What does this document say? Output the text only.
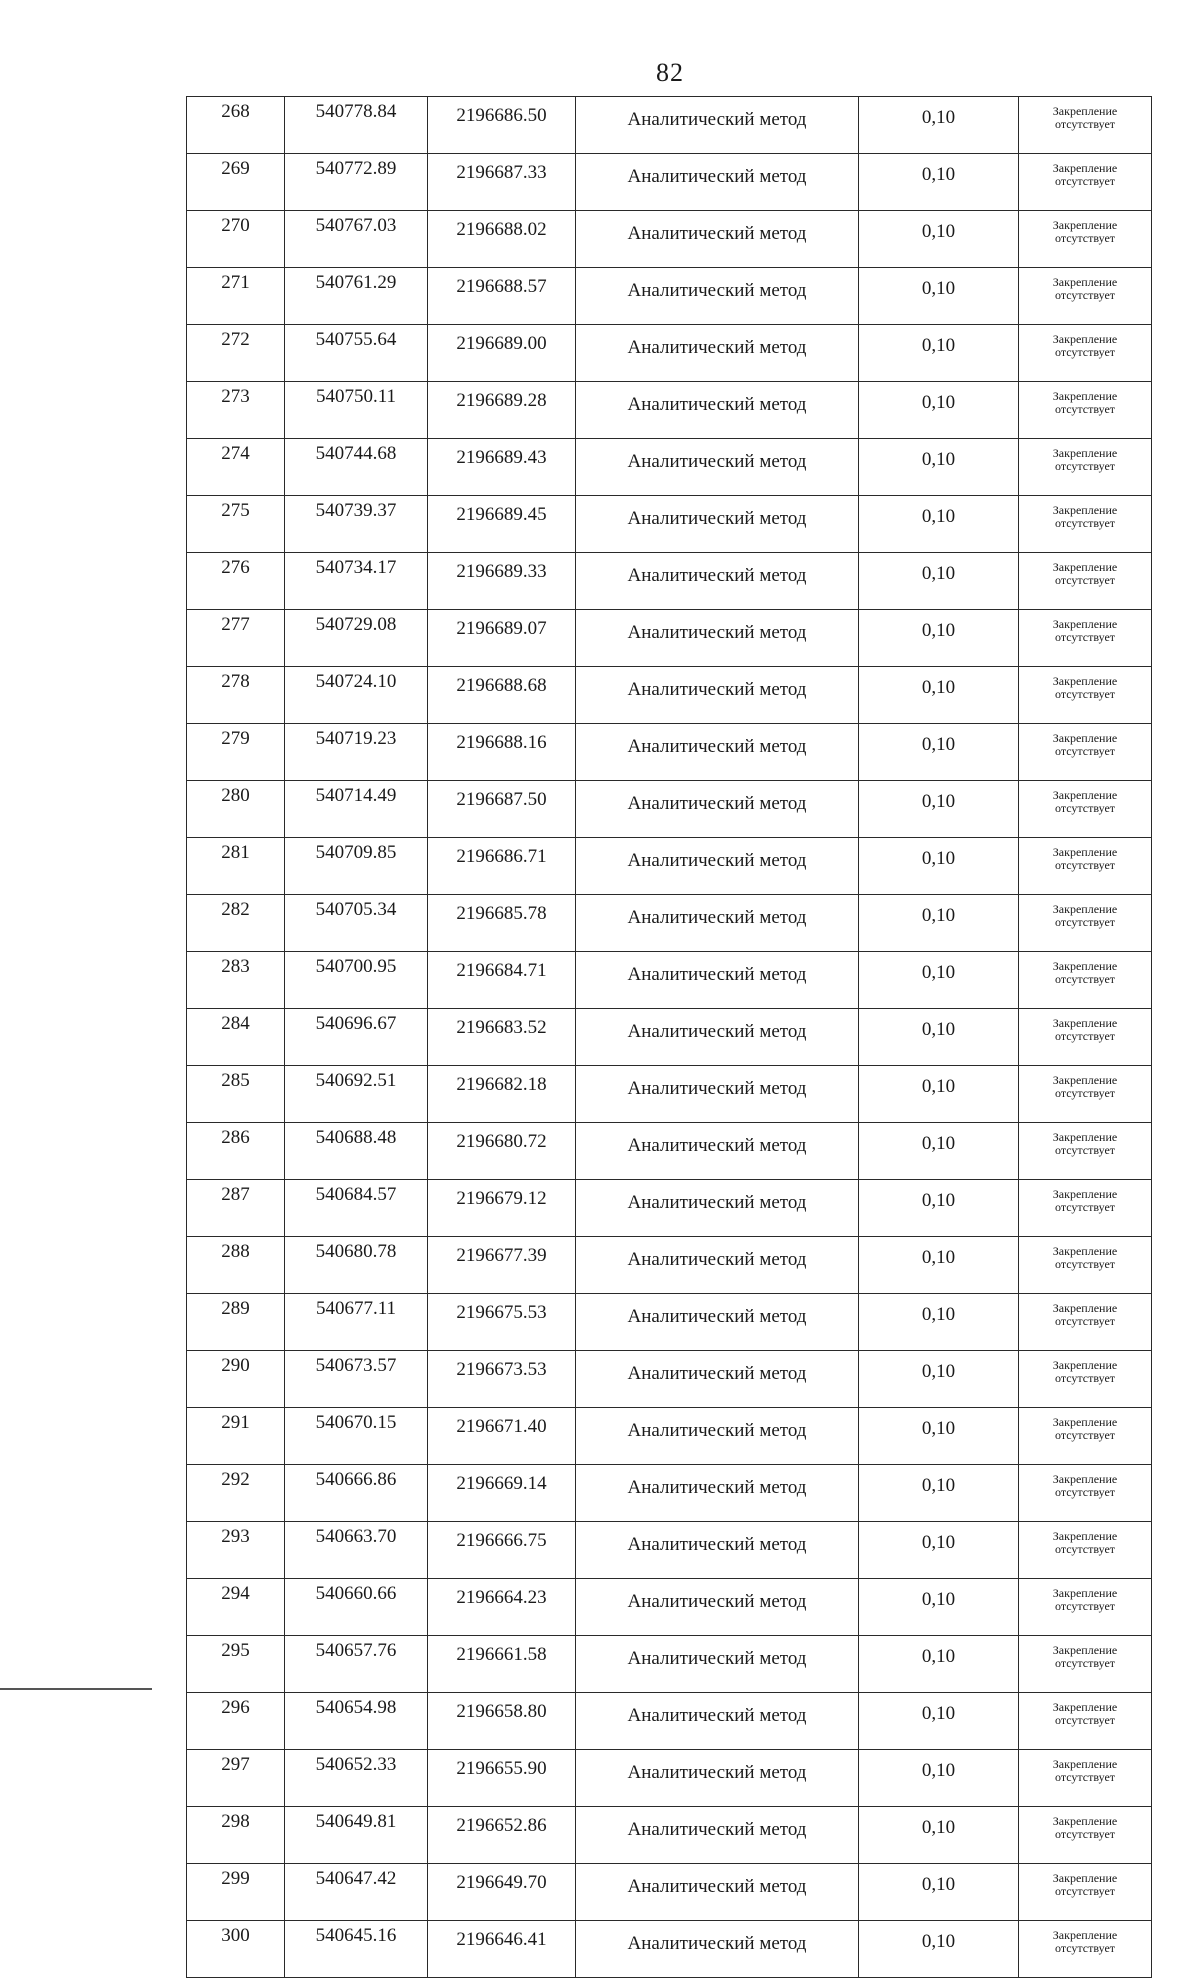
82
268	540778.84	2196686.50	Аналитический метод	0,10	Закрепление
отсутствует

269	540772.89	2196687.33	Аналитический метод	0,10	Закрепление
отсутствует

270	540767.03	2196688.02	Аналитический метод	0,10	Закрепление
отсутствует

271	540761.29	2196688.57	Аналитический метод	0,10	Закрепление
отсутствует

272	540755.64	2196689.00	Аналитический метод	0,10	Закрепление
отсутствует

273	540750.11	2196689.28	Аналитический метод	0,10	Закрепление
отсутствует

274	540744.68	2196689.43	Аналитический метод	0,10	Закрепление
отсутствует

275	540739.37	2196689.45	Аналитический метод	0,10	Закрепление
отсутствует

276	540734.17	2196689.33	Аналитический метод	0,10	Закрепление
отсутствует

277	540729.08	2196689.07	Аналитический метод	0,10	Закрепление
отсутствует

278	540724.10	2196688.68	Аналитический метод	0,10	Закрепление
отсутствует

279	540719.23	2196688.16	Аналитический метод	0,10	Закрепление
отсутствует

280	540714.49	2196687.50	Аналитический метод	0,10	Закрепление
отсутствует

281	540709.85	2196686.71	Аналитический метод	0,10	Закрепление
отсутствует

282	540705.34	2196685.78	Аналитический метод	0,10	Закрепление
отсутствует

283	540700.95	2196684.71	Аналитический метод	0,10	Закрепление
отсутствует

284	540696.67	2196683.52	Аналитический метод	0,10	Закрепление
отсутствует

285	540692.51	2196682.18	Аналитический метод	0,10	Закрепление
отсутствует

286	540688.48	2196680.72	Аналитический метод	0,10	Закрепление
отсутствует

287	540684.57	2196679.12	Аналитический метод	0,10	Закрепление
отсутствует

288	540680.78	2196677.39	Аналитический метод	0,10	Закрепление
отсутствует

289	540677.11	2196675.53	Аналитический метод	0,10	Закрепление
отсутствует

290	540673.57	2196673.53	Аналитический метод	0,10	Закрепление
отсутствует

291	540670.15	2196671.40	Аналитический метод	0,10	Закрепление
отсутствует

292	540666.86	2196669.14	Аналитический метод	0,10	Закрепление
отсутствует

293	540663.70	2196666.75	Аналитический метод	0,10	Закрепление
отсутствует

294	540660.66	2196664.23	Аналитический метод	0,10	Закрепление
отсутствует

295	540657.76	2196661.58	Аналитический метод	0,10	Закрепление
отсутствует

296	540654.98	2196658.80	Аналитический метод	0,10	Закрепление
отсутствует

297	540652.33	2196655.90	Аналитический метод	0,10	Закрепление
отсутствует

298	540649.81	2196652.86	Аналитический метод	0,10	Закрепление
отсутствует

299	540647.42	2196649.70	Аналитический метод	0,10	Закрепление
отсутствует

300	540645.16	2196646.41	Аналитический метод	0,10	Закрепление
отсутствует
